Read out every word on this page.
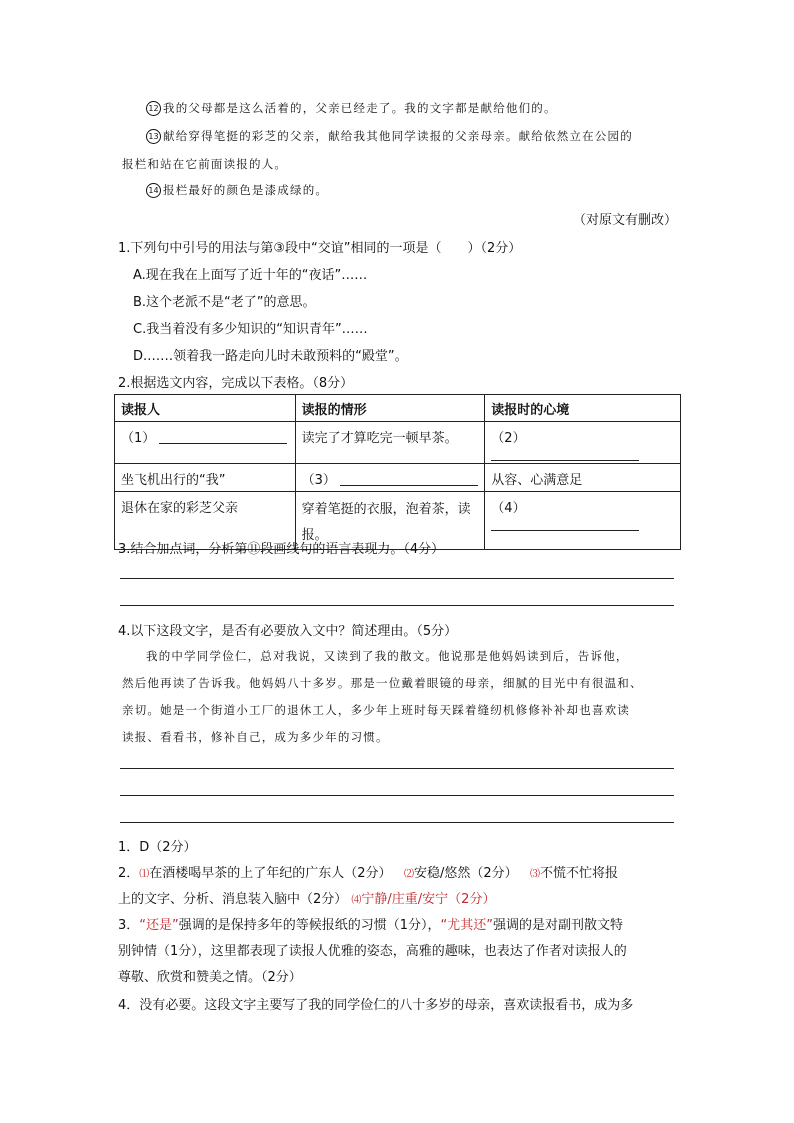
12 我的父母都是这么活着的，父亲已经走了。我的文字都是献给他们的。
13 献给穿得笔挺的彩芝的父亲，献给我其他同学读报的父亲母亲。献给依然立在公园的
报栏和站在它前面读报的人。
14 报栏最好的颜色是漆成绿的。
（对原文有删改）
1.下列句中引号的用法与第③段中“交谊”相同的一项是（　　）（2分）
A.现在我在上面写了近十年的“夜话”……
B.这个老派不是“老了”的意思。
C.我当着没有多少知识的“知识青年”……
D.……领着我一路走向儿时未敢预料的“殿堂”。
2.根据选文内容，完成以下表格。（8分）
读报人	读报的情形	读报时的心境
（1）	读完了才算吃完一顿早茶。	（2）
坐飞机出行的“我”	（3）	从容、心满意足
退休在家的彩芝父亲	穿着笔挺的衣服，泡着茶，读报。	（4）
3.结合加点词，分析第⑪段画线句的语言表现力。（4分）
4.以下这段文字，是否有必要放入文中？简述理由。（5分）
我的中学同学俭仁，总对我说，又读到了我的散文。他说那是他妈妈读到后，告诉他，
然后他再读了告诉我。他妈妈八十多岁。那是一位戴着眼镜的母亲，细腻的目光中有很温和、
亲切。她是一个街道小工厂的退休工人，多少年上班时每天踩着缝纫机修修补补却也喜欢读
读报、看看书，修补自己，成为多少年的习惯。
1．D（2分）
2．⑴在酒楼喝早茶的上了年纪的广东人（2分） ⑵安稳/悠然（2分） ⑶不慌不忙将报
上的文字、分析、消息装入脑中（2分） ⑷宁静/庄重/安宁（2分）
3．“还是”强调的是保持多年的等候报纸的习惯（1分），“尤其还”强调的是对副刊散文特
别钟情（1分），这里都表现了读报人优雅的姿态，高雅的趣味，也表达了作者对读报人的
尊敬、欣赏和赞美之情。（2分）
4．没有必要。这段文字主要写了我的同学俭仁的八十多岁的母亲，喜欢读报看书，成为多
